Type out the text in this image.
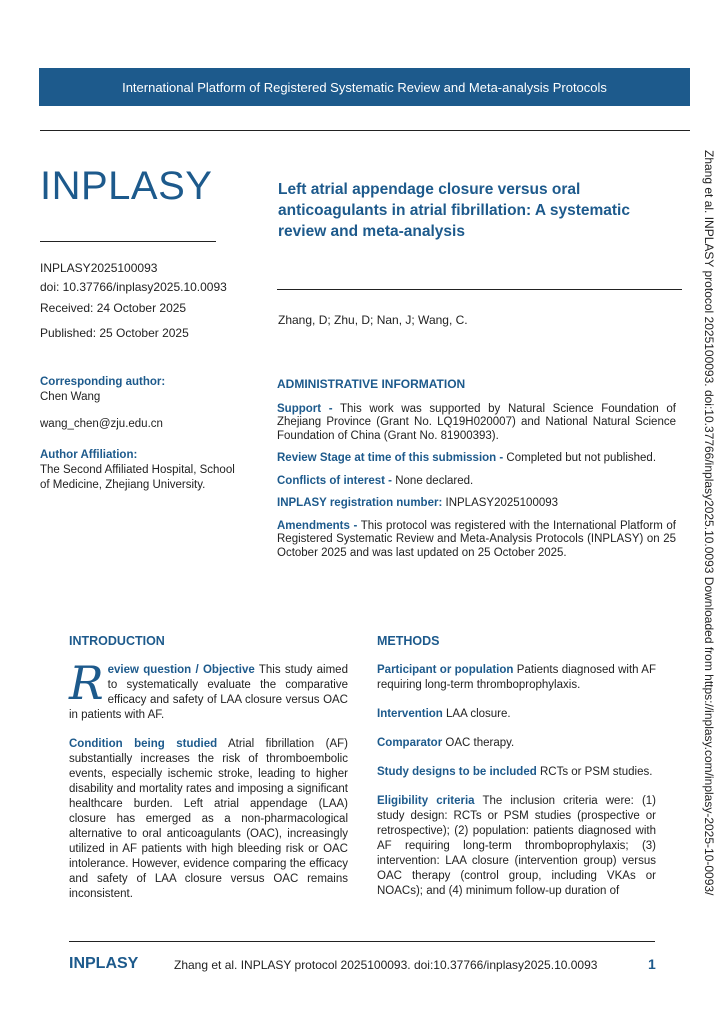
International Platform of Registered Systematic Review and Meta-analysis Protocols
INPLASY
INPLASY2025100093
doi: 10.37766/inplasy2025.10.0093
Received: 24 October 2025
Published: 25 October 2025
Left atrial appendage closure versus oral anticoagulants in atrial fibrillation: A systematic review and meta-analysis
Zhang, D; Zhu, D; Nan, J; Wang, C.
Corresponding author:
Chen Wang
wang_chen@zju.edu.cn
Author Affiliation:
The Second Affiliated Hospital, School of Medicine, Zhejiang University.
ADMINISTRATIVE INFORMATION

Support - This work was supported by Natural Science Foundation of Zhejiang Province (Grant No. LQ19H020007) and National Natural Science Foundation of China (Grant No. 81900393).

Review Stage at time of this submission - Completed but not published.

Conflicts of interest - None declared.

INPLASY registration number: INPLASY2025100093

Amendments - This protocol was registered with the International Platform of Registered Systematic Review and Meta-Analysis Protocols (INPLASY) on 25 October 2025 and was last updated on 25 October 2025.

INTRODUCTION

Review question / Objective This study aimed to systematically evaluate the comparative efficacy and safety of LAA closure versus OAC in patients with AF.

Condition being studied Atrial fibrillation (AF) substantially increases the risk of thromboembolic events, especially ischemic stroke, leading to higher disability and mortality rates and imposing a significant healthcare burden. Left atrial appendage (LAA) closure has emerged as a non-pharmacological alternative to oral anticoagulants (OAC), increasingly utilized in AF patients with high bleeding risk or OAC intolerance. However, evidence comparing the efficacy and safety of LAA closure versus OAC remains inconsistent.

METHODS

Participant or population Patients diagnosed with AF requiring long-term thromboprophylaxis.

Intervention LAA closure.

Comparator OAC therapy.

Study designs to be included RCTs or PSM studies.

Eligibility criteria The inclusion criteria were: (1) study design: RCTs or PSM studies (prospective or retrospective); (2) population: patients diagnosed with AF requiring long-term thromboprophylaxis; (3) intervention: LAA closure (intervention group) versus OAC therapy (control group, including VKAs or NOACs); and (4) minimum follow-up duration of	Zhang et al. INPLASY protocol 2025100093. doi:10.37766/inplasy2025.10.0093 Downloaded from https://inplasy.com/inplasy-2025-10-0093/
INPLASY	Zhang et al. INPLASY protocol 2025100093. doi:10.37766/inplasy2025.10.0093	1
